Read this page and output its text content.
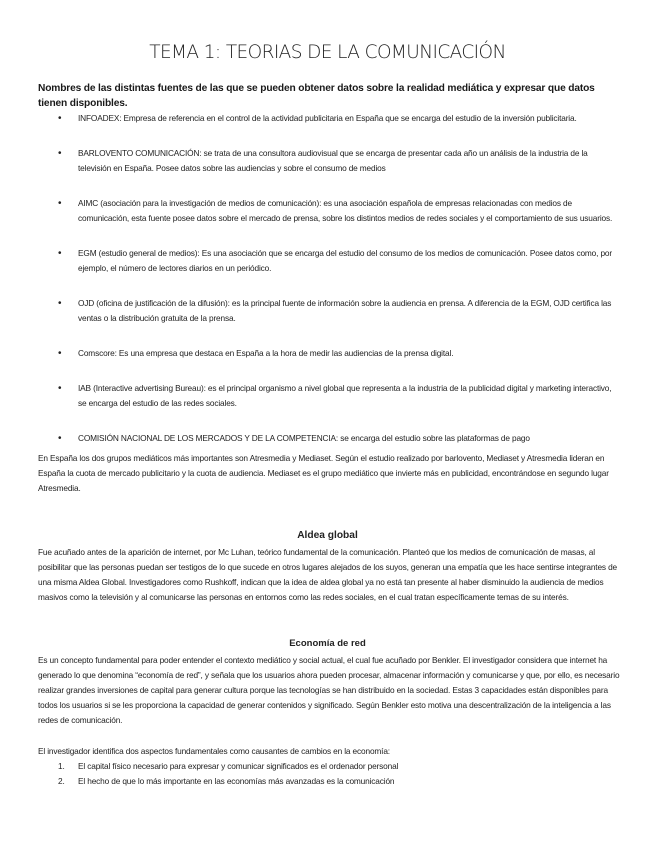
TEMA 1: TEORIAS DE LA COMUNICACIÓN

Nombres de las distintas fuentes de las que se pueden obtener datos sobre la realidad mediática y expresar que datos tienen disponibles.

• INFOADEX: Empresa de referencia en el control de la actividad publicitaria en España que se encarga del estudio de la inversión publicitaria.
• BARLOVENTO COMUNICACIÓN: se trata de una consultora audiovisual que se encarga de presentar cada año un análisis de la industria de la televisión en España. Posee datos sobre las audiencias y sobre el consumo de medios
• AIMC (asociación para la investigación de medios de comunicación): es una asociación española de empresas relacionadas con medios de comunicación, esta fuente posee datos sobre el mercado de prensa, sobre los distintos medios de redes sociales y el comportamiento de sus usuarios.
• EGM (estudio general de medios): Es una asociación que se encarga del estudio del consumo de los medios de comunicación. Posee datos como, por ejemplo, el número de lectores diarios en un periódico.
• OJD (oficina de justificación de la difusión): es la principal fuente de información sobre la audiencia en prensa. A diferencia de la EGM, OJD certifica las ventas o la distribución gratuita de la prensa.
• Comscore: Es una empresa que destaca en España a la hora de medir las audiencias de la prensa digital.
• IAB (Interactive advertising Bureau): es el principal organismo a nivel global que representa a la industria de la publicidad digital y marketing interactivo, se encarga del estudio de las redes sociales.
• COMISIÓN NACIONAL DE LOS MERCADOS Y DE LA COMPETENCIA: se encarga del estudio sobre las plataformas de pago

En España los dos grupos mediáticos más importantes son Atresmedia y Mediaset. Según el estudio realizado por barlovento, Mediaset y Atresmedia lideran en España la cuota de mercado publicitario y la cuota de audiencia. Mediaset es el grupo mediático que invierte más en publicidad, encontrándose en segundo lugar Atresmedia.

Aldea global

Fue acuñado antes de la aparición de internet, por Mc Luhan, teórico fundamental de la comunicación. Planteó que los medios de comunicación de masas, al posibilitar que las personas puedan ser testigos de lo que sucede en otros lugares alejados de los suyos, generan una empatía que les hace sentirse integrantes de una misma Aldea Global. Investigadores como Rushkoff, indican que la idea de aldea global ya no está tan presente al haber disminuido la audiencia de medios masivos como la televisión y al comunicarse las personas en entornos como las redes sociales, en el cual tratan específicamente temas de su interés.

Economía de red

Es un concepto fundamental para poder entender el contexto mediático y social actual, el cual fue acuñado por Benkler. El investigador considera que internet ha generado lo que denomina “economía de red”, y señala que los usuarios ahora pueden procesar, almacenar información y comunicarse y que, por ello, es necesario realizar grandes inversiones de capital para generar cultura porque las tecnologías se han distribuido en la sociedad. Estas 3 capacidades están disponibles para todos los usuarios si se les proporciona la capacidad de generar contenidos y significado. Según Benkler esto motiva una descentralización de la inteligencia a las redes de comunicación.

El investigador identifica dos aspectos fundamentales como causantes de cambios en la economía:

1. El capital físico necesario para expresar y comunicar significados es el ordenador personal
2. El hecho de que lo más importante en las economías más avanzadas es la comunicación
